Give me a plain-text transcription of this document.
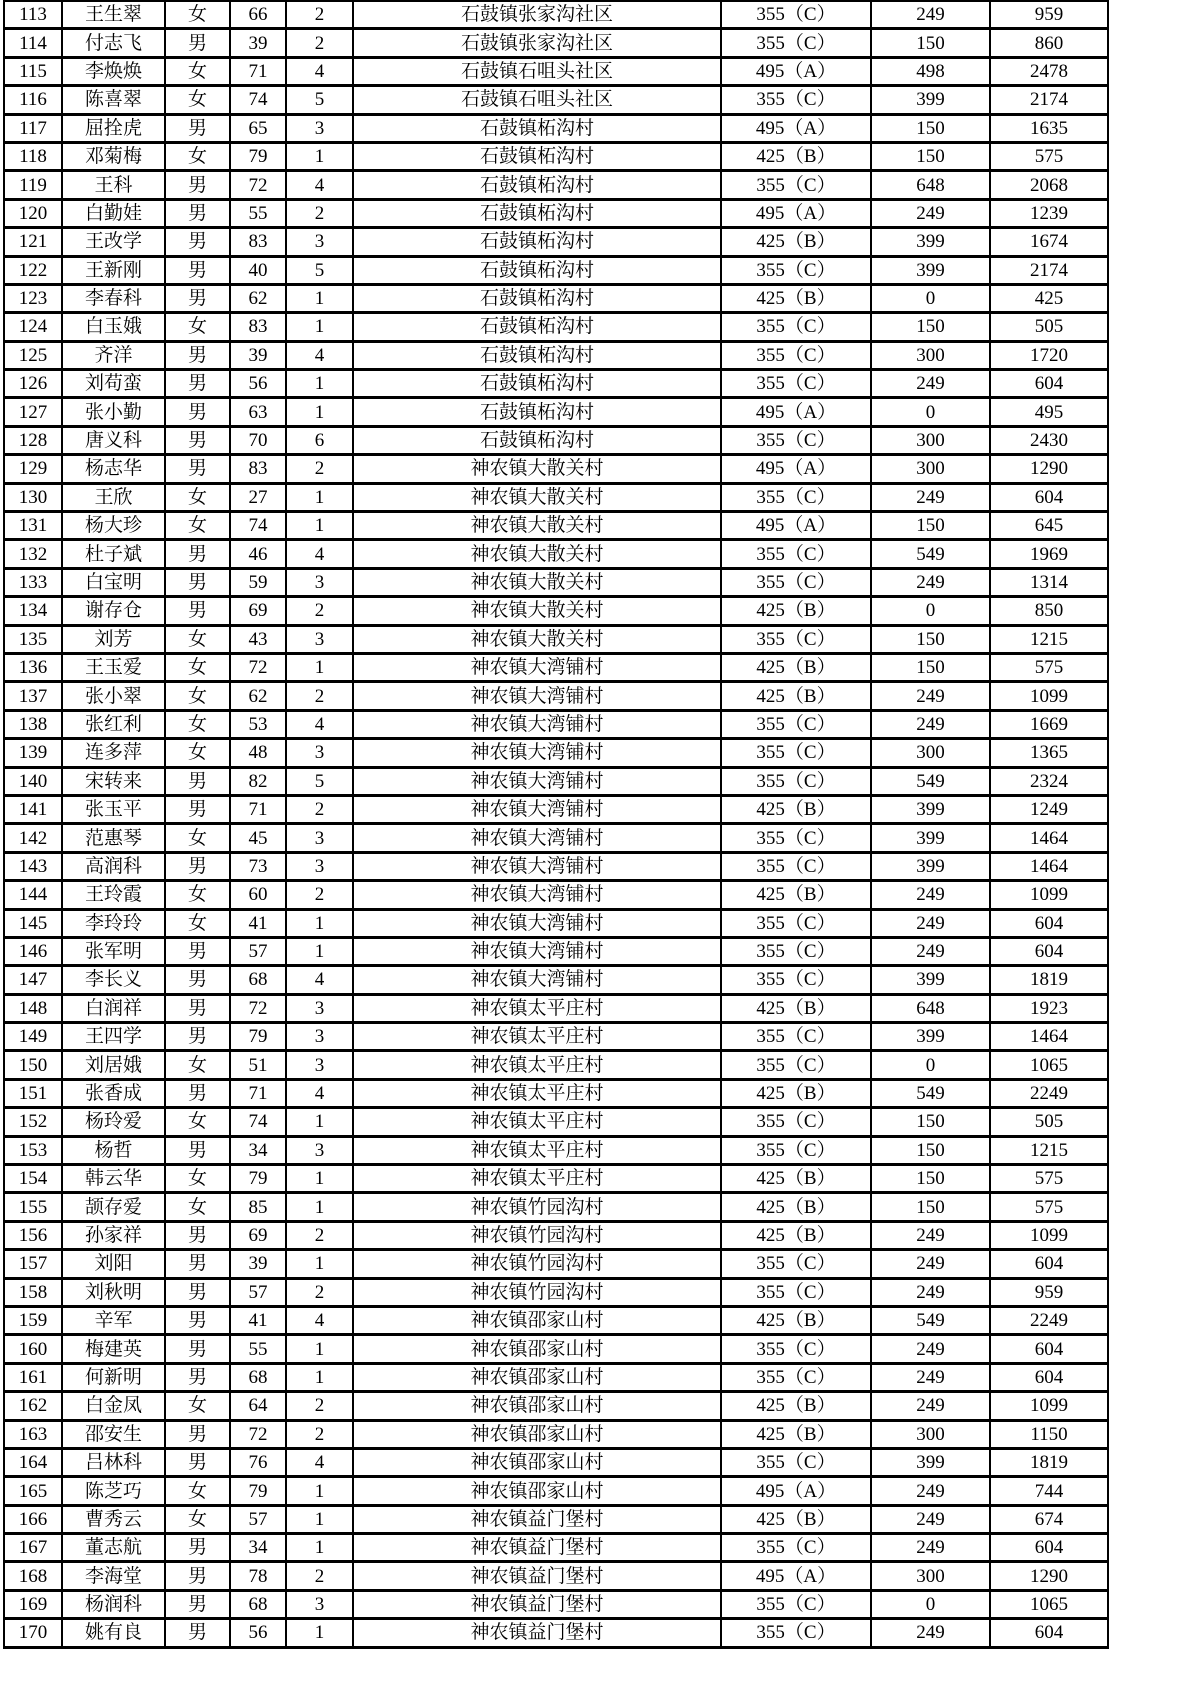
113	王生翠	女	66	2	石鼓镇张家沟社区	355（C）	249	959
114	付志飞	男	39	2	石鼓镇张家沟社区	355（C）	150	860
115	李焕焕	女	71	4	石鼓镇石咀头社区	495（A）	498	2478
116	陈喜翠	女	74	5	石鼓镇石咀头社区	355（C）	399	2174
117	屈拴虎	男	65	3	石鼓镇柘沟村	495（A）	150	1635
118	邓菊梅	女	79	1	石鼓镇柘沟村	425（B）	150	575
119	王科	男	72	4	石鼓镇柘沟村	355（C）	648	2068
120	白勤娃	男	55	2	石鼓镇柘沟村	495（A）	249	1239
121	王改学	男	83	3	石鼓镇柘沟村	425（B）	399	1674
122	王新刚	男	40	5	石鼓镇柘沟村	355（C）	399	2174
123	李春科	男	62	1	石鼓镇柘沟村	425（B）	0	425
124	白玉娥	女	83	1	石鼓镇柘沟村	355（C）	150	505
125	齐洋	男	39	4	石鼓镇柘沟村	355（C）	300	1720
126	刘苟蛮	男	56	1	石鼓镇柘沟村	355（C）	249	604
127	张小勤	男	63	1	石鼓镇柘沟村	495（A）	0	495
128	唐义科	男	70	6	石鼓镇柘沟村	355（C）	300	2430
129	杨志华	男	83	2	神农镇大散关村	495（A）	300	1290
130	王欣	女	27	1	神农镇大散关村	355（C）	249	604
131	杨大珍	女	74	1	神农镇大散关村	495（A）	150	645
132	杜子斌	男	46	4	神农镇大散关村	355（C）	549	1969
133	白宝明	男	59	3	神农镇大散关村	355（C）	249	1314
134	谢存仓	男	69	2	神农镇大散关村	425（B）	0	850
135	刘芳	女	43	3	神农镇大散关村	355（C）	150	1215
136	王玉爱	女	72	1	神农镇大湾铺村	425（B）	150	575
137	张小翠	女	62	2	神农镇大湾铺村	425（B）	249	1099
138	张红利	女	53	4	神农镇大湾铺村	355（C）	249	1669
139	连多萍	女	48	3	神农镇大湾铺村	355（C）	300	1365
140	宋转来	男	82	5	神农镇大湾铺村	355（C）	549	2324
141	张玉平	男	71	2	神农镇大湾铺村	425（B）	399	1249
142	范惠琴	女	45	3	神农镇大湾铺村	355（C）	399	1464
143	高润科	男	73	3	神农镇大湾铺村	355（C）	399	1464
144	王玲霞	女	60	2	神农镇大湾铺村	425（B）	249	1099
145	李玲玲	女	41	1	神农镇大湾铺村	355（C）	249	604
146	张军明	男	57	1	神农镇大湾铺村	355（C）	249	604
147	李长义	男	68	4	神农镇大湾铺村	355（C）	399	1819
148	白润祥	男	72	3	神农镇太平庄村	425（B）	648	1923
149	王四学	男	79	3	神农镇太平庄村	355（C）	399	1464
150	刘居娥	女	51	3	神农镇太平庄村	355（C）	0	1065
151	张香成	男	71	4	神农镇太平庄村	425（B）	549	2249
152	杨玲爱	女	74	1	神农镇太平庄村	355（C）	150	505
153	杨哲	男	34	3	神农镇太平庄村	355（C）	150	1215
154	韩云华	女	79	1	神农镇太平庄村	425（B）	150	575
155	颉存爱	女	85	1	神农镇竹园沟村	425（B）	150	575
156	孙家祥	男	69	2	神农镇竹园沟村	425（B）	249	1099
157	刘阳	男	39	1	神农镇竹园沟村	355（C）	249	604
158	刘秋明	男	57	2	神农镇竹园沟村	355（C）	249	959
159	辛军	男	41	4	神农镇邵家山村	425（B）	549	2249
160	梅建英	男	55	1	神农镇邵家山村	355（C）	249	604
161	何新明	男	68	1	神农镇邵家山村	355（C）	249	604
162	白金凤	女	64	2	神农镇邵家山村	425（B）	249	1099
163	邵安生	男	72	2	神农镇邵家山村	425（B）	300	1150
164	吕林科	男	76	4	神农镇邵家山村	355（C）	399	1819
165	陈芝巧	女	79	1	神农镇邵家山村	495（A）	249	744
166	曹秀云	女	57	1	神农镇益门堡村	425（B）	249	674
167	董志航	男	34	1	神农镇益门堡村	355（C）	249	604
168	李海堂	男	78	2	神农镇益门堡村	495（A）	300	1290
169	杨润科	男	68	3	神农镇益门堡村	355（C）	0	1065
170	姚有良	男	56	1	神农镇益门堡村	355（C）	249	604
